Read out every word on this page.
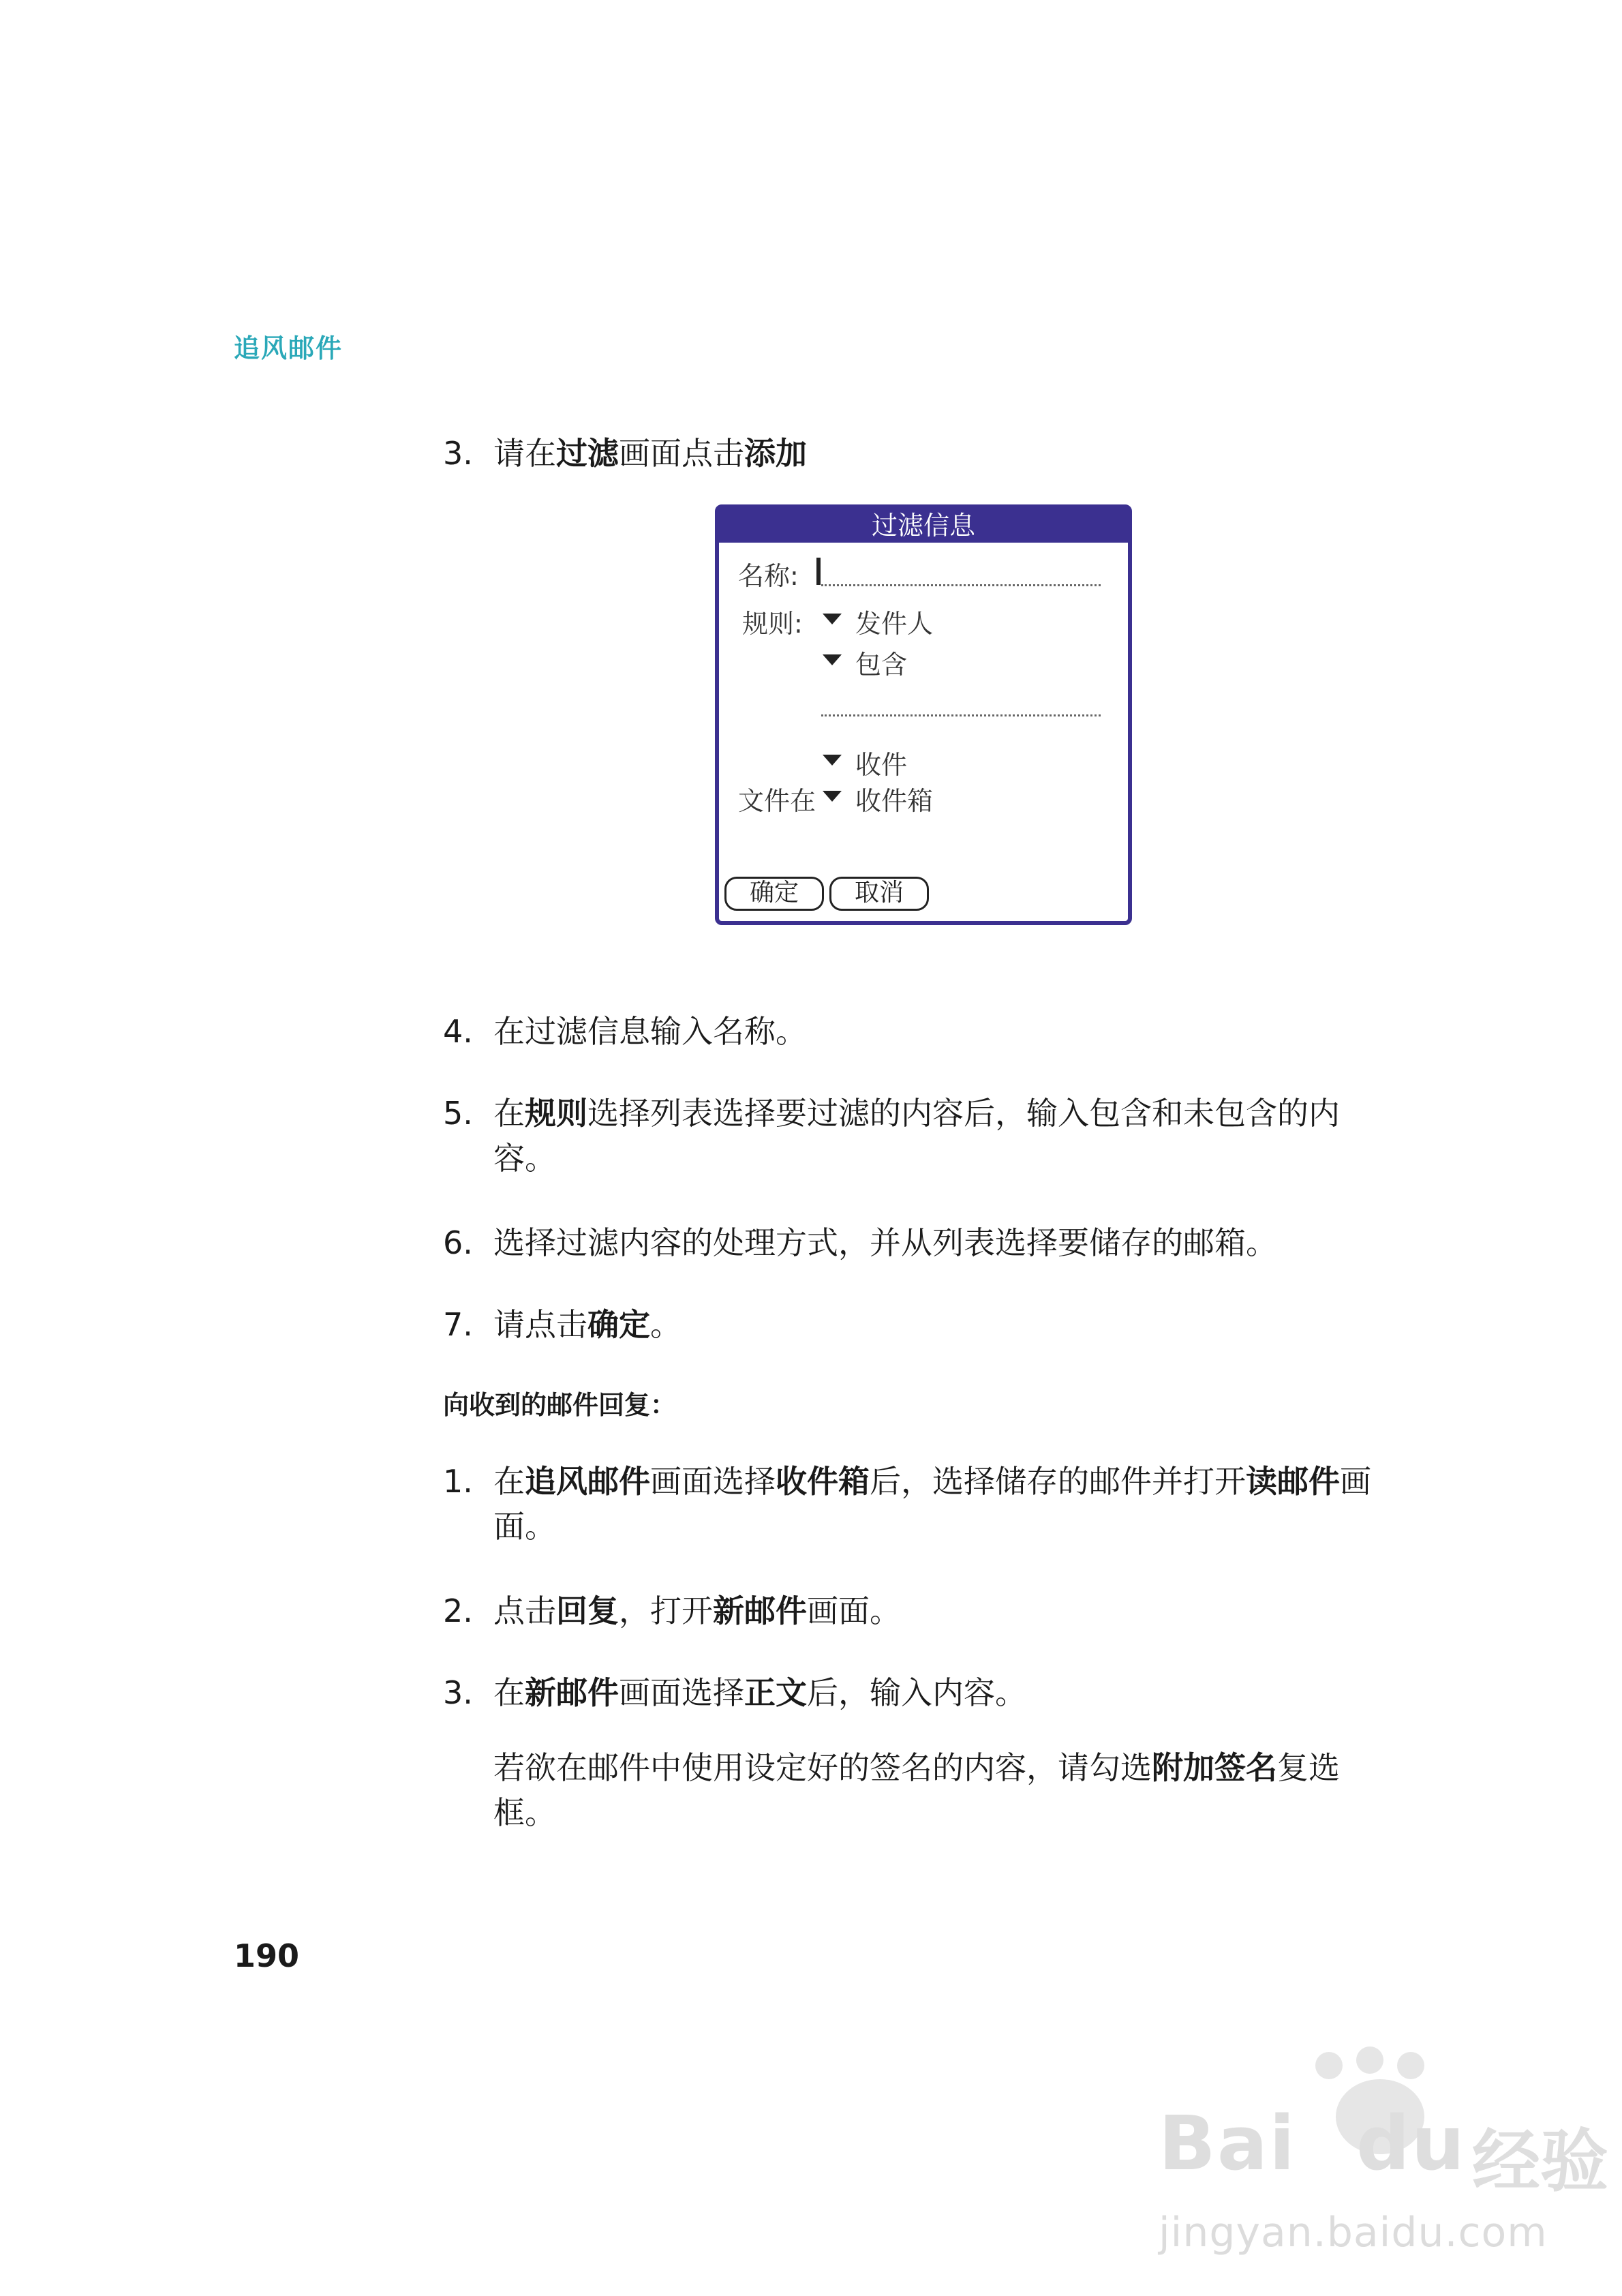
追风邮件
3. 请在过滤画面点击添加
过滤信息
名称:
规则: 发件人
包含
收件
文件在 收件箱
确定	取消
4. 在过滤信息输入名称。
5. 在规则选择列表选择要过滤的内容后，输入包含和未包含的内容。
6. 选择过滤内容的处理方式，并从列表选择要储存的邮箱。
7. 请点击确定。
向收到的邮件回复：
1. 在追风邮件画面选择收件箱后，选择储存的邮件并打开读邮件画面。
2. 点击回复，打开新邮件画面。
3. 在新邮件画面选择正文后，输入内容。
若欲在邮件中使用设定好的签名的内容，请勾选附加签名复选框。
190
Bai du 经验
jingyan.baidu.com
